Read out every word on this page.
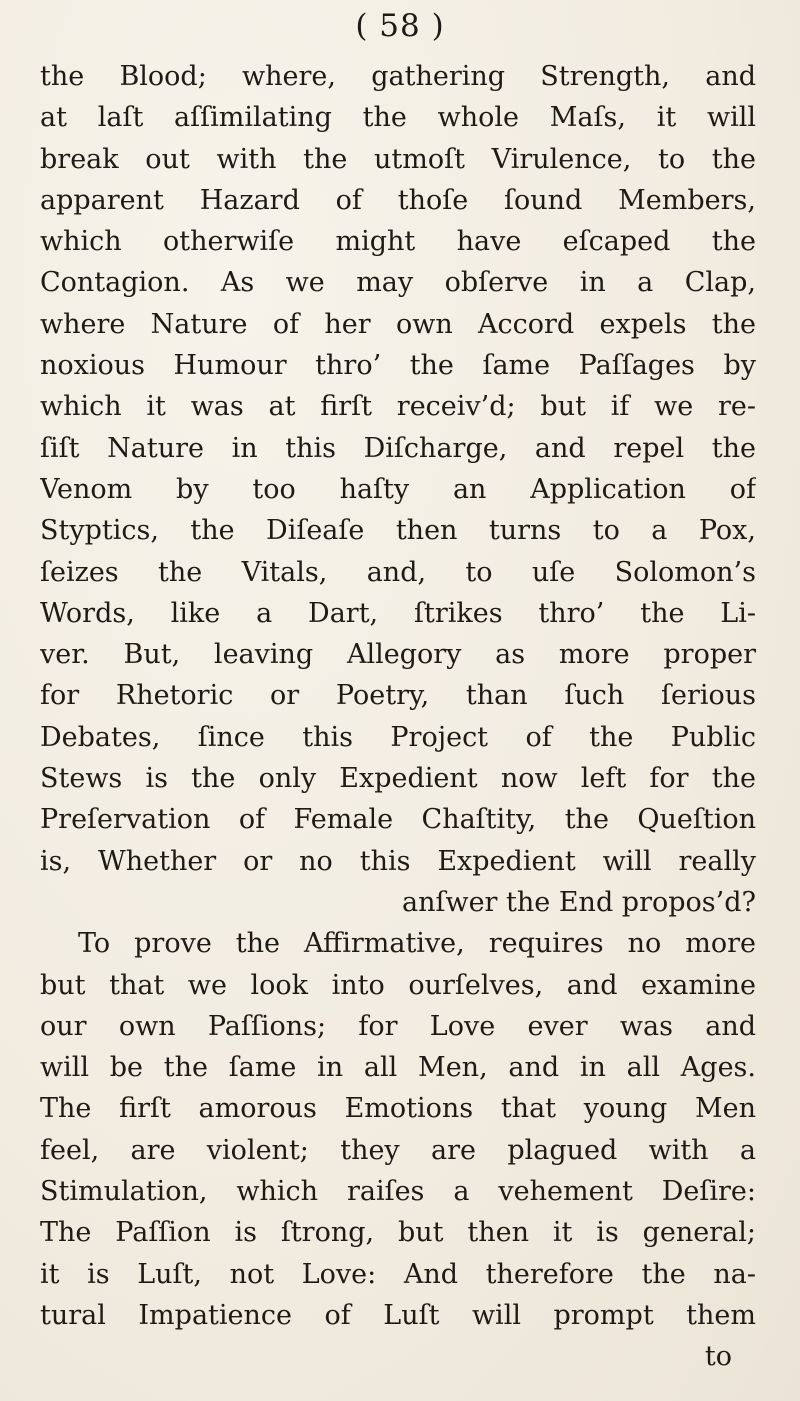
( 58 )
the Blood; where, gathering Strength, and
at laſt aſſimilating the whole Maſs, it will
break out with the utmoſt Virulence, to the
apparent Hazard of thoſe ſound Members,
which otherwiſe might have eſcaped the
Contagion. As we may obſerve in a Clap,
where Nature of her own Accord expels the
noxious Humour thro’ the ſame Paſſages by
which it was at firſt receiv’d; but if we re-
ſiſt Nature in this Diſcharge, and repel the
Venom by too haſty an Application of
Styptics, the Diſeaſe then turns to a Pox,
ſeizes the Vitals, and, to uſe Solomon’s
Words, like a Dart, ſtrikes thro’ the Li-
ver. But, leaving Allegory as more proper
for Rhetoric or Poetry, than ſuch ſerious
Debates, ſince this Project of the Public
Stews is the only Expedient now left for the
Preſervation of Female Chaſtity, the Queſtion
is, Whether or no this Expedient will really
anſwer the End propos’d?
To prove the Affirmative, requires no more
but that we look into ourſelves, and examine
our own Paſſions; for Love ever was and
will be the ſame in all Men, and in all Ages.
The firſt amorous Emotions that young Men
feel, are violent; they are plagued with a
Stimulation, which raiſes a vehement Deſire:
The Paſſion is ſtrong, but then it is general;
it is Luſt, not Love: And therefore the na-
tural Impatience of Luſt will prompt them
to
